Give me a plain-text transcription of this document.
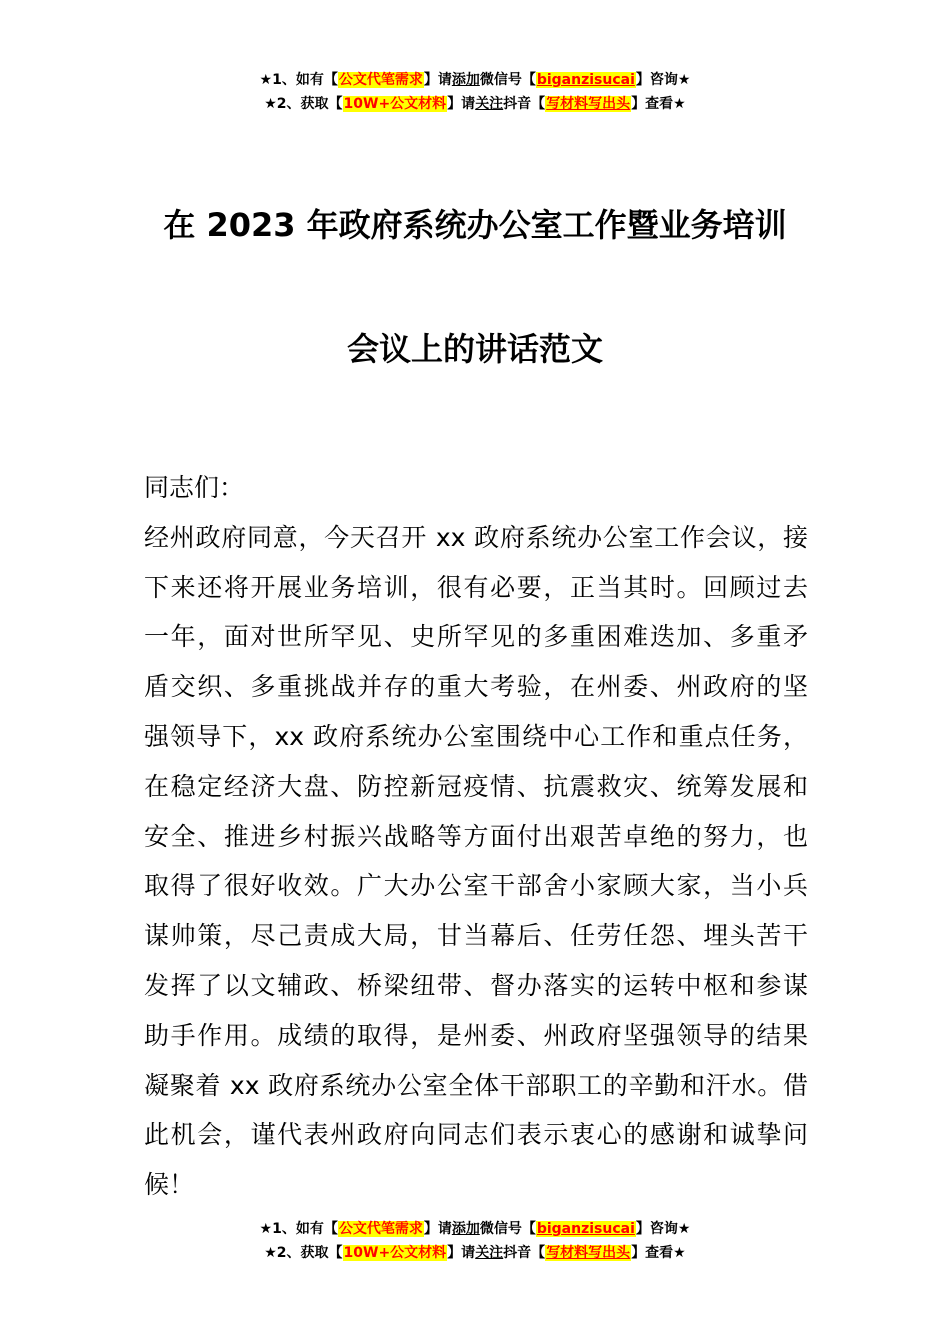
★1、如有【公文代笔需求】请添加微信号【biganzisucai】咨询★
★2、获取【10W+公文材料】请关注抖音【写材料写出头】查看★
在 2023 年政府系统办公室工作暨业务培训
会议上的讲话范文
同志们：
经州政府同意，今天召开 xx 政府系统办公室工作会议，接
下来还将开展业务培训，很有必要，正当其时。回顾过去
一年，面对世所罕见、史所罕见的多重困难迭加、多重矛
盾交织、多重挑战并存的重大考验，在州委、州政府的坚
强领导下，xx 政府系统办公室围绕中心工作和重点任务，
在稳定经济大盘、防控新冠疫情、抗震救灾、统筹发展和
安全、推进乡村振兴战略等方面付出艰苦卓绝的努力，也
取得了很好收效。广大办公室干部舍小家顾大家，当小兵
谋帅策，尽己责成大局，甘当幕后、任劳任怨、埋头苦干
发挥了以文辅政、桥梁纽带、督办落实的运转中枢和参谋
助手作用。成绩的取得，是州委、州政府坚强领导的结果
凝聚着 xx 政府系统办公室全体干部职工的辛勤和汗水。借
此机会，谨代表州政府向同志们表示衷心的感谢和诚挚问
候！
★1、如有【公文代笔需求】请添加微信号【biganzisucai】咨询★
★2、获取【10W+公文材料】请关注抖音【写材料写出头】查看★
